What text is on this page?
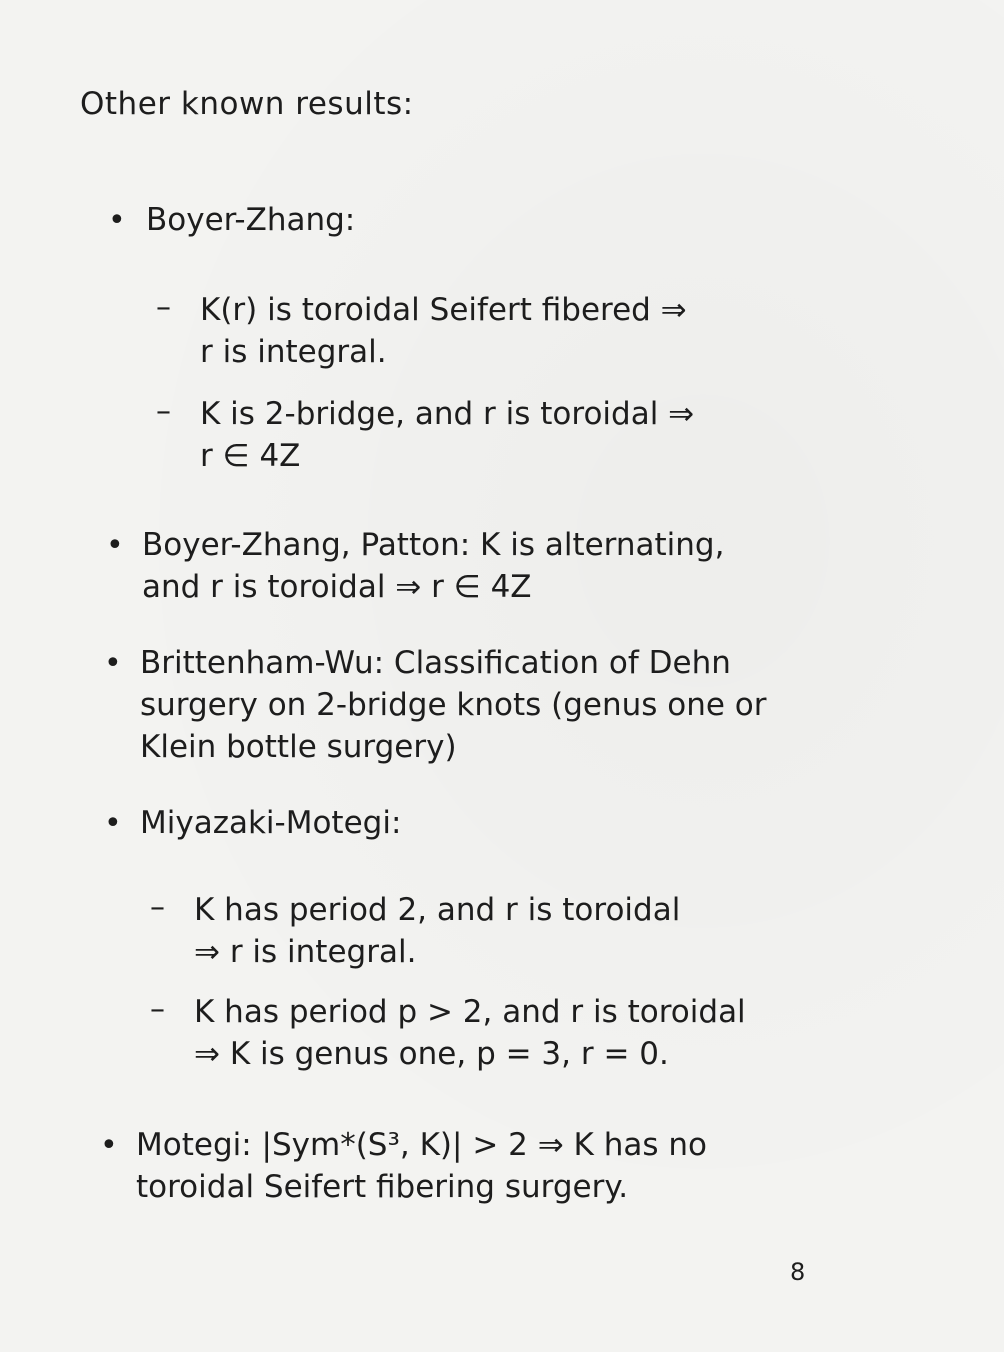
Other known results:
• Boyer-Zhang:
– K(r) is toroidal Seifert fibered ⇒
r is integral.
– K is 2-bridge, and r is toroidal ⇒
r ∈ 4Z
• Boyer-Zhang, Patton: K is alternating,
and r is toroidal ⇒ r ∈ 4Z
• Brittenham-Wu: Classification of Dehn
surgery on 2-bridge knots (genus one or
Klein bottle surgery)
• Miyazaki-Motegi:
– K has period 2, and r is toroidal
⇒ r is integral.
– K has period p > 2, and r is toroidal
⇒ K is genus one, p = 3, r = 0.
• Motegi: |Sym*(S³, K)| > 2 ⇒ K has no
toroidal Seifert fibering surgery.
8
